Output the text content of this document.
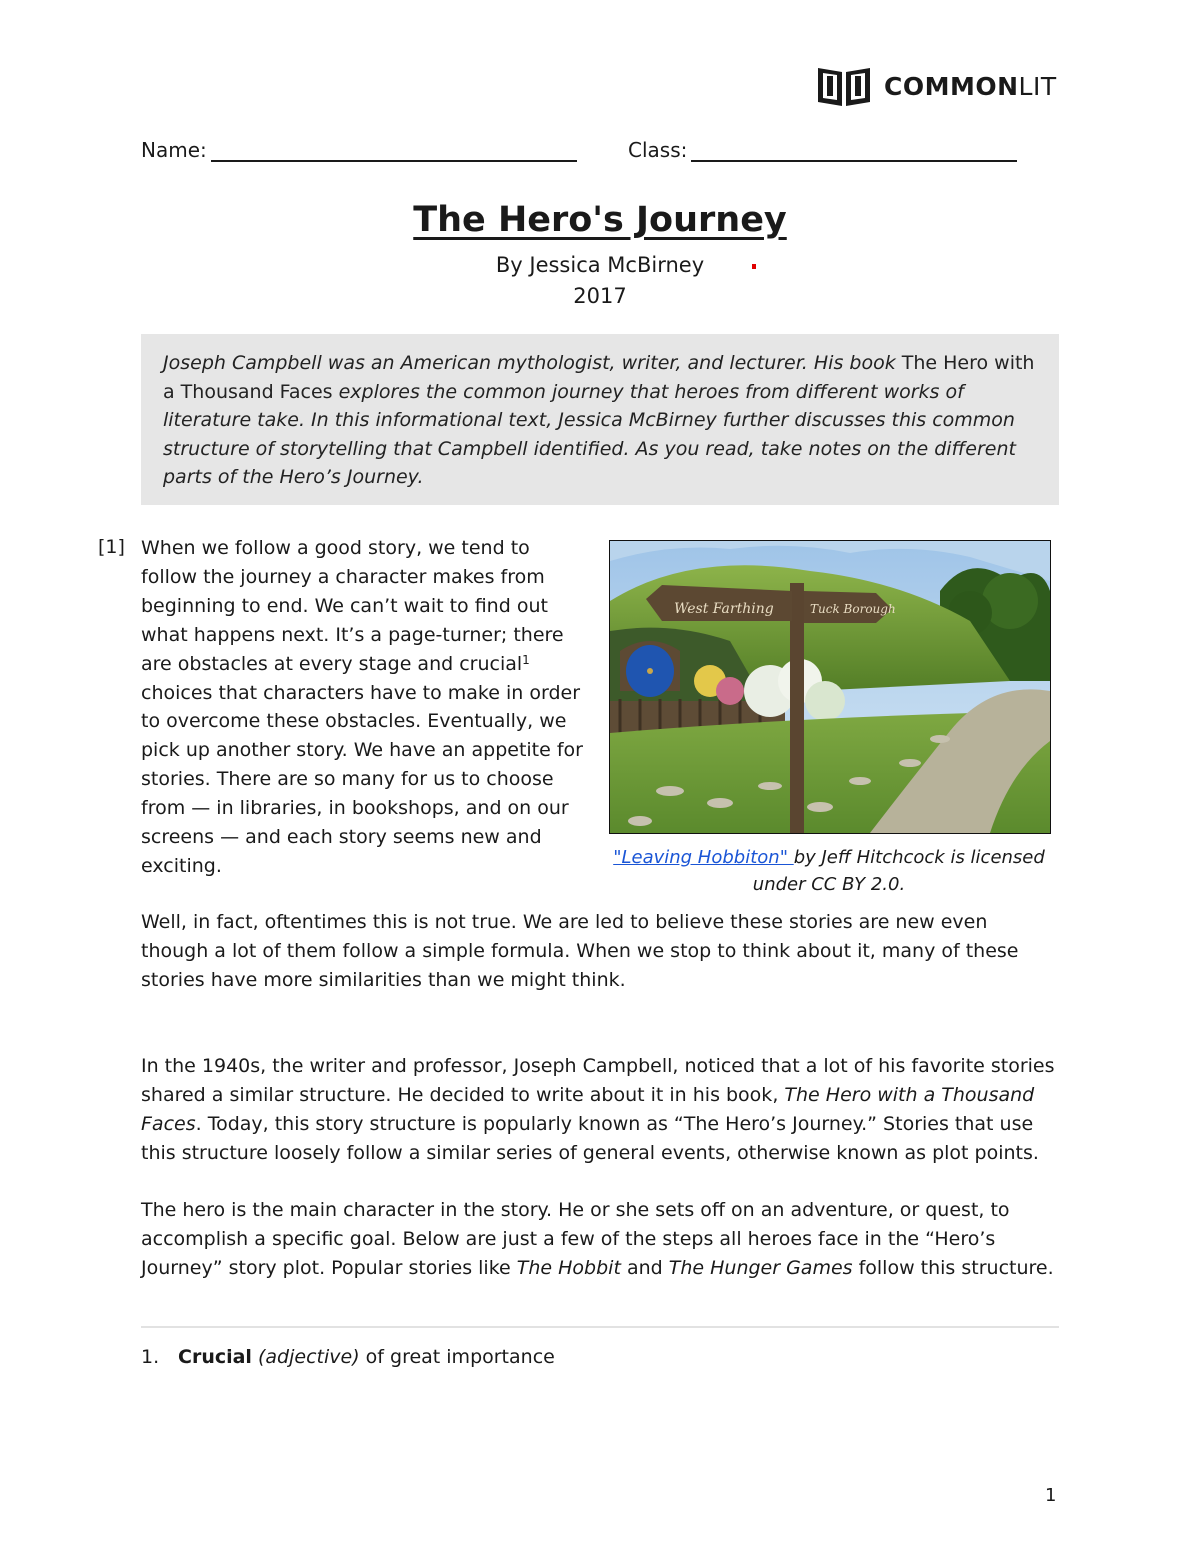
COMMONLIT
Name:	Class:
The Hero's Journey
By Jessica McBirney
2017
Joseph Campbell was an American mythologist, writer, and lecturer. His book The Hero with a Thousand Faces explores the common journey that heroes from different works of literature take. In this informational text, Jessica McBirney further discusses this common structure of storytelling that Campbell identified. As you read, take notes on the different parts of the Hero’s Journey.
[1] When we follow a good story, we tend to follow the journey a character makes from beginning to end. We can’t wait to find out what happens next. It’s a page-turner; there are obstacles at every stage and crucial$^1$ choices that characters have to make in order to overcome these obstacles. Eventually, we pick up another story. We have an appetite for stories. There are so many for us to choose from — in libraries, in bookshops, and on our screens — and each story seems new and exciting.

West Farthing	Tuck Borough
"Leaving Hobbiton" by Jeff Hitchcock is licensed under CC BY 2.0.

Well, in fact, oftentimes this is not true. We are led to believe these stories are new even though a lot of them follow a simple formula. When we stop to think about it, many of these stories have more similarities than we might think.

In the 1940s, the writer and professor, Joseph Campbell, noticed that a lot of his favorite stories shared a similar structure. He decided to write about it in his book, The Hero with a Thousand Faces. Today, this story structure is popularly known as “The Hero’s Journey.” Stories that use this structure loosely follow a similar series of general events, otherwise known as plot points.

The hero is the main character in the story. He or she sets off on an adventure, or quest, to accomplish a specific goal. Below are just a few of the steps all heroes face in the “Hero’s Journey” story plot. Popular stories like The Hobbit and The Hunger Games follow this structure.

1. Crucial (adjective) of great importance
1
